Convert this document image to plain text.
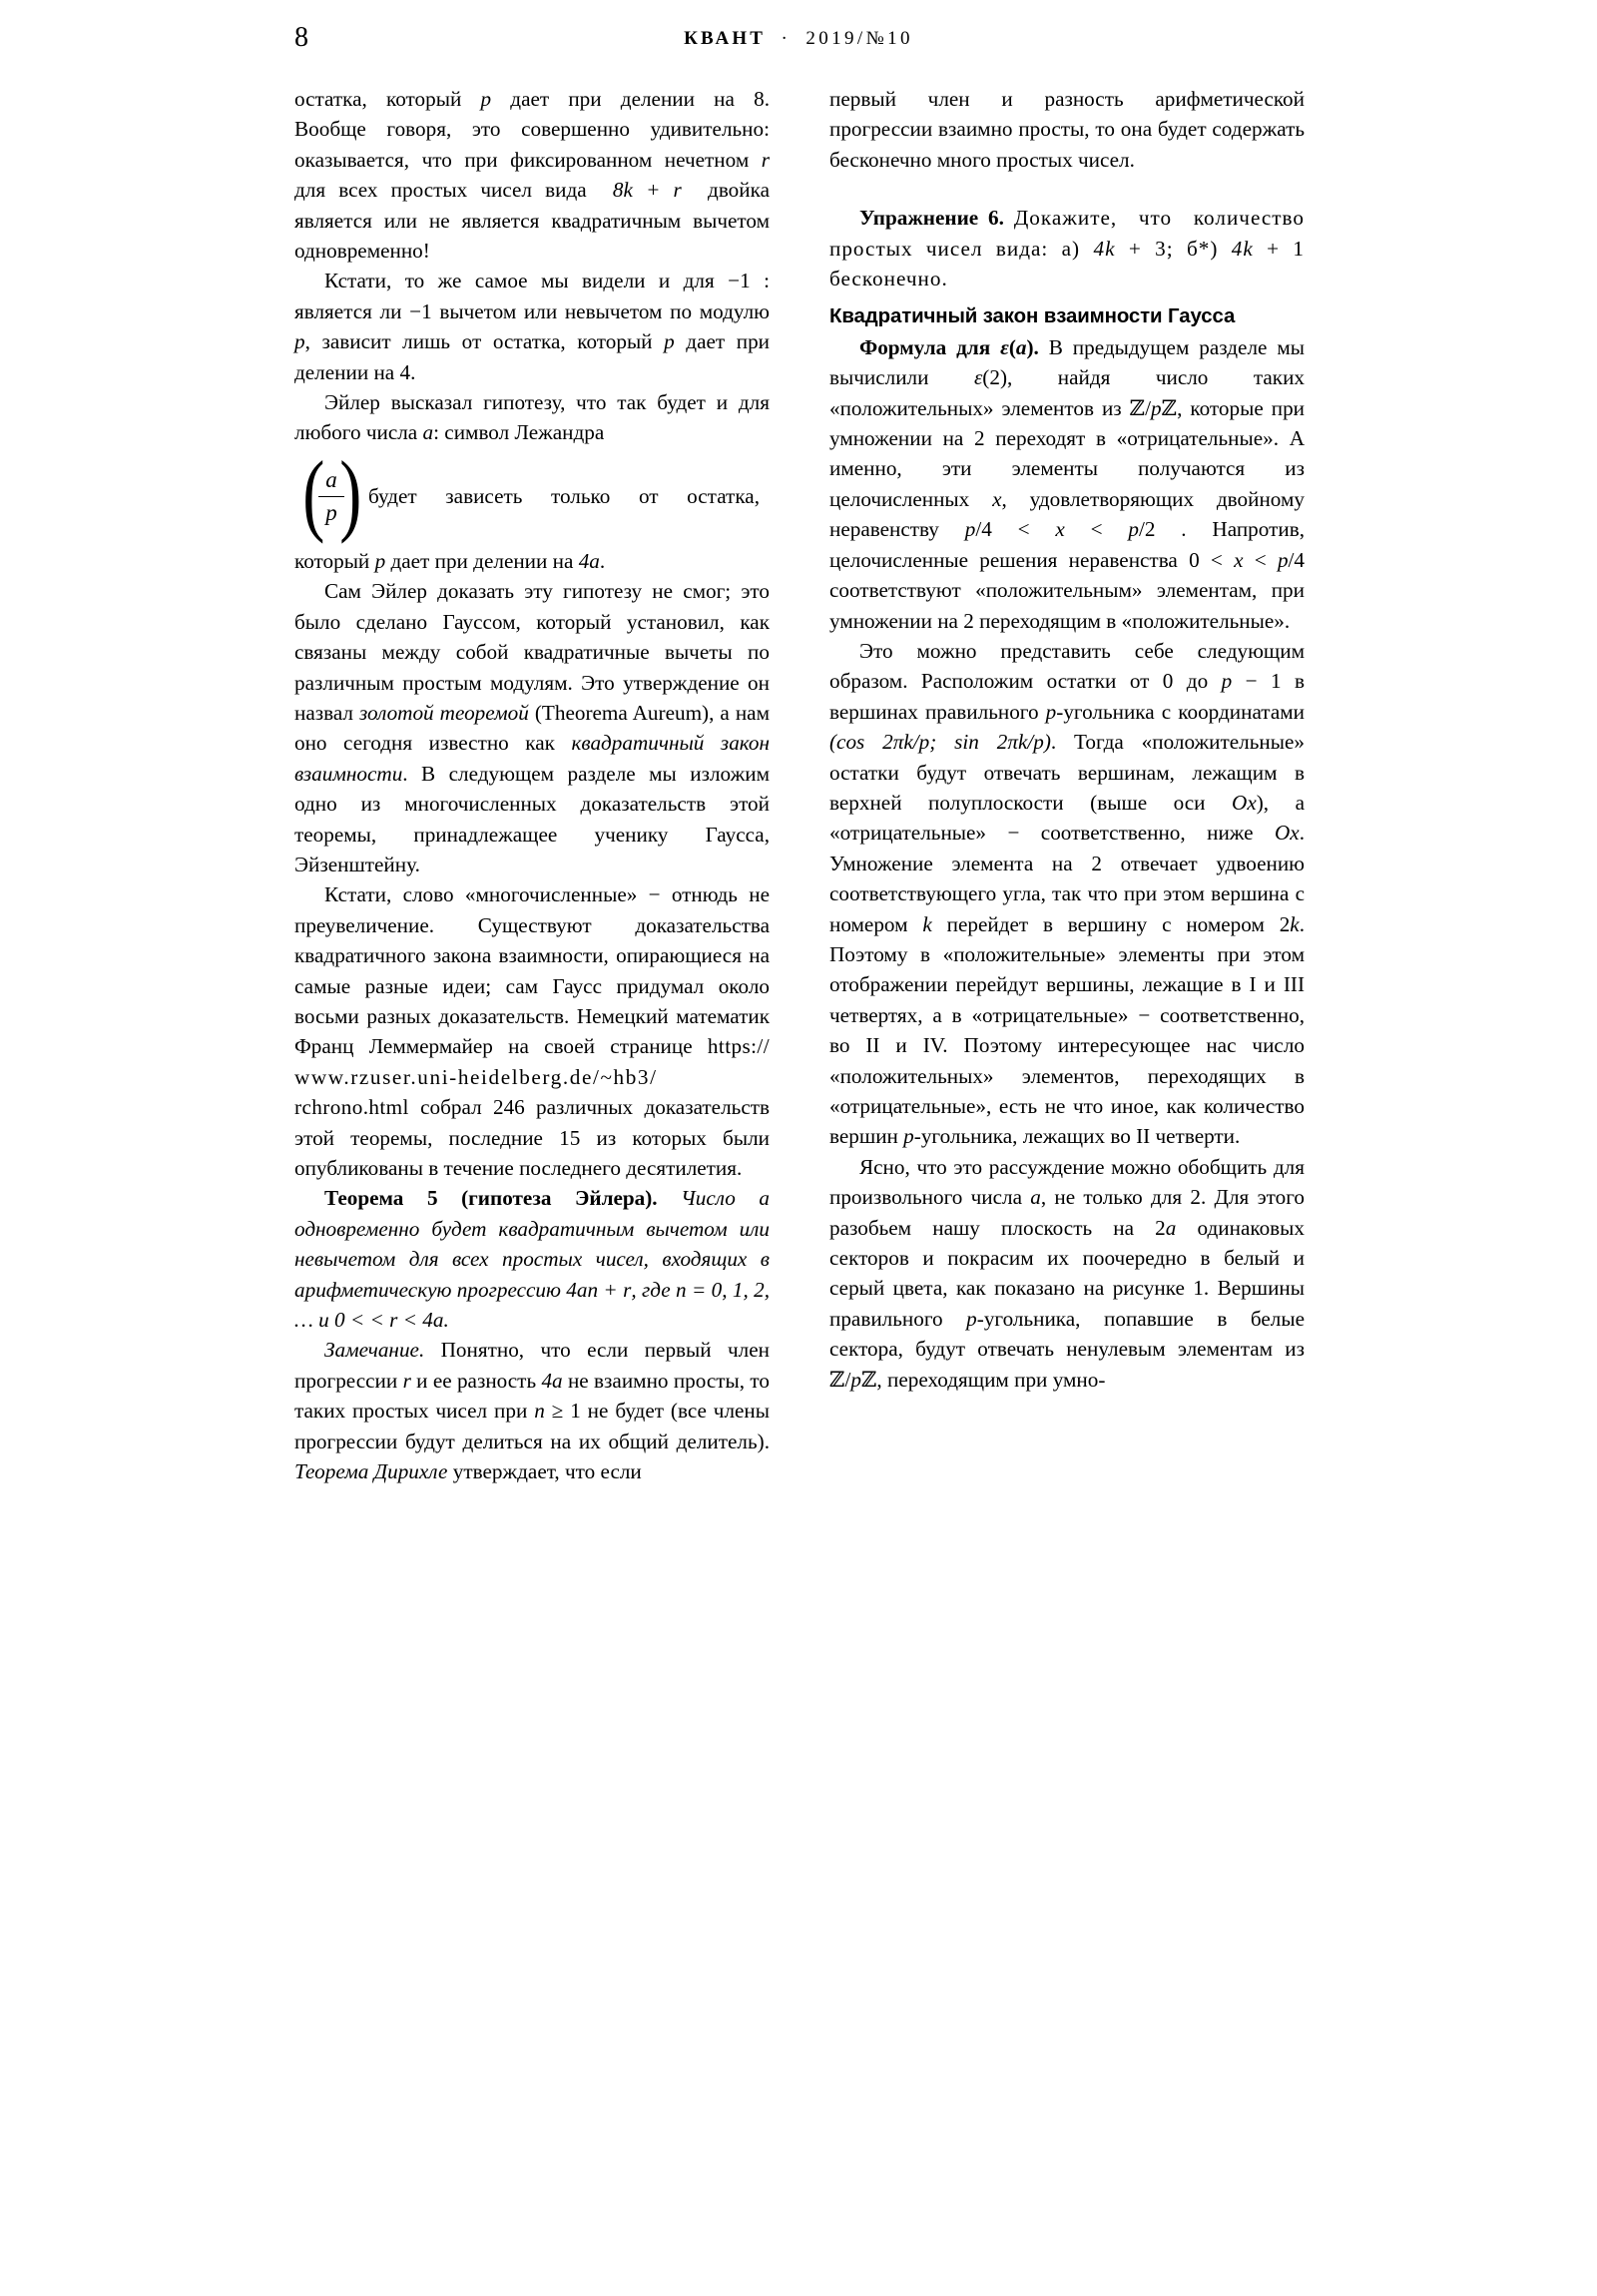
8	КВАНТ · 2019/№10

остатка, который p дает при делении на 8. Вообще говоря, это совершенно удивительно: оказывается, что при фиксированном нечетном r для всех простых чисел вида  8k + r  двойка является или не является квадратичным вычетом одновременно!

Кстати, то же самое мы видели и для −1 : является ли −1 вычетом или невычетом по модулю p, зависит лишь от остатка, который p дает при делении на 4.

Эйлер высказал гипотезу, что так будет и для любого числа a: символ Лежандра

( a
p ) будет  зависеть  только  от  остатка,

который p дает при делении на 4a.

Сам Эйлер доказать эту гипотезу не смог; это было сделано Гауссом, который установил, как связаны между собой квадратичные вычеты по различным простым модулям. Это утверждение он назвал золотой теоремой (Theorema Aureum), а нам оно сегодня известно как квадратичный закон взаимности. В следующем разделе мы изложим одно из многочисленных доказательств этой теоремы, принадлежащее ученику Гаусса, Эйзенштейну.

Кстати, слово «многочисленные» − отнюдь не преувеличение. Существуют доказательства квадратичного закона взаимности, опирающиеся на самые разные идеи; сам Гаусс придумал около восьми разных доказательств. Немецкий математик Франц Леммермайер на своей странице https:/​/ www.rzuser.uni-heidelberg.de/~hb3/ rchrono.html собрал 246 различных доказательств этой теоремы, последние 15 из которых были опубликованы в течение последнего десятилетия.

Теорема 5 (гипотеза Эйлера). Число a одновременно будет квадратичным вычетом или невычетом для всех простых чисел, входящих в арифметическую прогрессию 4an + r, где n = 0, 1, 2, … и 0 < < r < 4a.

Замечание. Понятно, что если первый член прогрессии r и ее разность 4a не взаимно просты, то таких простых чисел при n ≥ 1 не будет (все члены прогрессии будут делиться на их общий делитель). Теорема Дирихле утверждает, что если

первый член и разность арифметической прогрессии взаимно просты, то она будет содержать бесконечно много простых чисел.

Упражнение 6. Докажите,  что  количество простых чисел вида: а) 4k + 3; б*) 4k + 1 бесконечно.

Квадратичный закон взаимности Гаусса

Формула для ε(a). В предыдущем разделе мы вычислили ε(2), найдя число таких «положительных» элементов из ℤ/pℤ, которые при умножении на 2 переходят в «отрицательные». А именно, эти элементы получаются из целочисленных x, удовлетворяющих двойному неравенству p/4 < x < p/2 . Напротив, целочисленные решения неравенства 0 < x < p/4 соответствуют «положительным» элементам, при умножении на 2 переходящим в «положительные».

Это можно представить себе следующим образом. Расположим остатки от 0 до p − 1 в вершинах правильного p-угольника с координатами (cos 2πk/p; sin 2πk/p). Тогда «положительные» остатки будут отвечать вершинам, лежащим в верхней полуплоскости (выше оси Ox), а «отрицательные» − соответственно, ниже Ox. Умножение элемента на 2 отвечает удвоению соответствующего угла, так что при этом вершина с номером k перейдет в вершину с номером 2k. Поэтому в «положительные» элементы при этом отображении перейдут вершины, лежащие в I и III четвертях, а в «отрицательные» − соответственно, во II и IV. Поэтому интересующее нас число «положительных» элементов, переходящих в «отрицательные», есть не что иное, как количество вершин p-угольника, лежащих во II четверти.

Ясно, что это рассуждение можно обобщить для произвольного числа a, не только для 2. Для этого разобьем нашу плоскость на 2a одинаковых секторов и покрасим их поочередно в белый и серый цвета, как показано на рисунке 1. Вершины правильного p-угольника, попавшие в белые сектора, будут отвечать ненулевым элементам из ℤ/pℤ, переходящим при умно-
